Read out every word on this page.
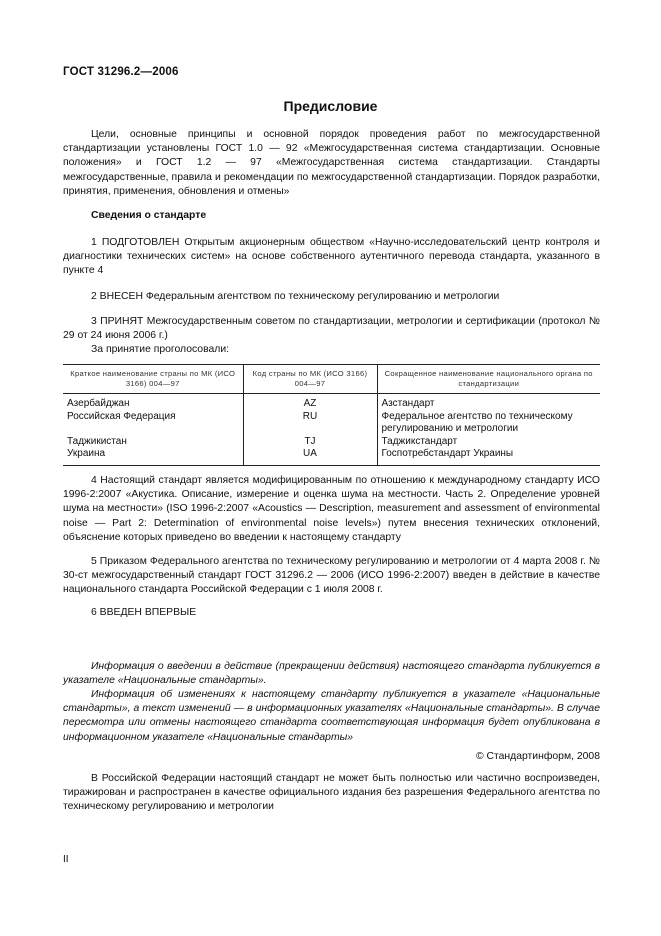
ГОСТ 31296.2—2006
Предисловие
Цели, основные принципы и основной порядок проведения работ по межгосударственной стандартизации установлены ГОСТ 1.0 — 92 «Межгосударственная система стандартизации. Основные положения» и ГОСТ 1.2 — 97 «Межгосударственная система стандартизации. Стандарты межгосударственные, правила и рекомендации по межгосударственной стандартизации. Порядок разработки, принятия, применения, обновления и отмены»
Сведения о стандарте
1 ПОДГОТОВЛЕН Открытым акционерным обществом «Научно-исследовательский центр контроля и диагностики технических систем» на основе собственного аутентичного перевода стандарта, указанного в пункте 4
2 ВНЕСЕН Федеральным агентством по техническому регулированию и метрологии
3 ПРИНЯТ Межгосударственным советом по стандартизации, метрологии и сертификации (протокол № 29 от 24 июня 2006 г.)
За принятие проголосовали:
Краткое наименование страны по МК (ИСО 3166) 004—97	Код страны по МК (ИСО 3166) 004—97	Сокращенное наименование национального органа по стандартизации
Азербайджан	AZ	Азстандарт
Российская Федерация	RU	Федеральное агентство по техническому регулированию и метрологии
Таджикистан	TJ	Таджикстандарт
Украина	UA	Госпотребстандарт Украины
4 Настоящий стандарт является модифицированным по отношению к международному стандарту ИСО 1996-2:2007 «Акустика. Описание, измерение и оценка шума на местности. Часть 2. Определение уровней шума на местности» (ISO 1996-2:2007 «Acoustics — Description, measurement and assessment of environmental noise — Part 2: Determination of environmental noise levels») путем внесения технических отклонений, объяснение которых приведено во введении к настоящему стандарту
5 Приказом Федерального агентства по техническому регулированию и метрологии от 4 марта 2008 г. № 30-ст межгосударственный стандарт ГОСТ 31296.2 — 2006 (ИСО 1996-2:2007) введен в действие в качестве национального стандарта Российской Федерации с 1 июля 2008 г.
6 ВВЕДЕН ВПЕРВЫЕ
Информация о введении в действие (прекращении действия) настоящего стандарта публикуется в указателе «Национальные стандарты».
Информация об изменениях к настоящему стандарту публикуется в указателе «Национальные стандарты», а текст изменений — в информационных указателях «Национальные стандарты». В случае пересмотра или отмены настоящего стандарта соответствующая информация будет опубликована в информационном указателе «Национальные стандарты»
© Стандартинформ, 2008
В Российской Федерации настоящий стандарт не может быть полностью или частично воспроизведен, тиражирован и распространен в качестве официального издания без разрешения Федерального агентства по техническому регулированию и метрологии
II
